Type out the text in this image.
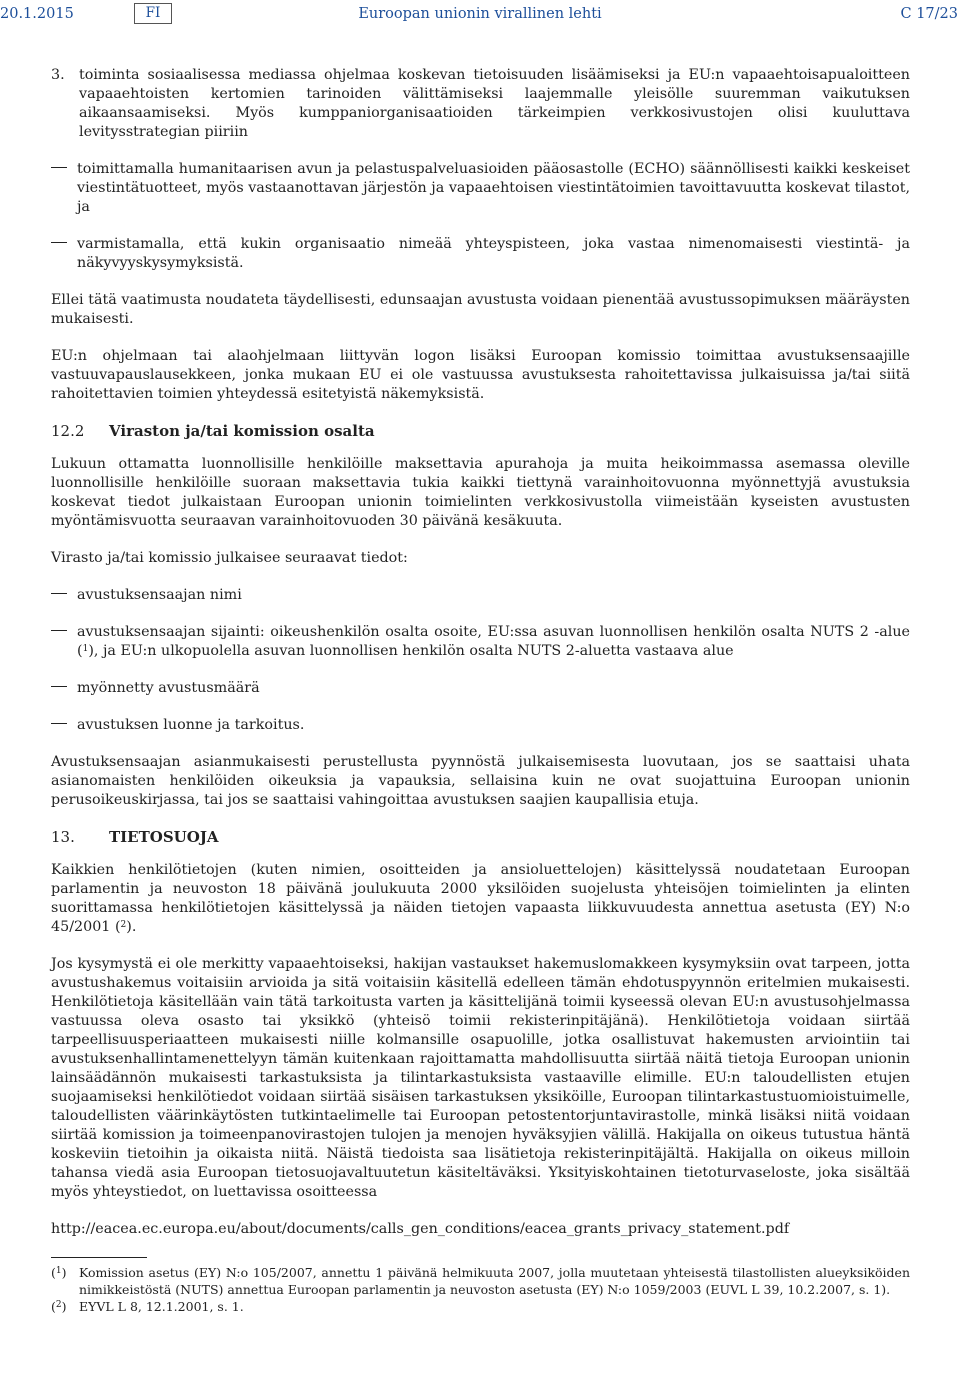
20.1.2015	FI	Euroopan unionin virallinen lehti	C 17/23
3.	toiminta sosiaalisessa mediassa ohjelmaa koskevan tietoisuuden lisäämiseksi ja EU:n vapaaehtoisapualoitteen vapaaehtoisten kertomien tarinoiden välittämiseksi laajemmalle yleisölle suuremman vaikutuksen aikaansaamiseksi. Myös kumppaniorganisaatioiden tärkeimpien verkkosivustojen olisi kuuluttava levitysstrategian piiriin
toimittamalla humanitaarisen avun ja pelastuspalveluasioiden pääosastolle (ECHO) säännöllisesti kaikki keskeiset viestintätuotteet, myös vastaanottavan järjestön ja vapaaehtoisen viestintätoimien tavoittavuutta koskevat tilastot, ja
varmistamalla, että kukin organisaatio nimeää yhteyspisteen, joka vastaa nimenomaisesti viestintä- ja näkyvyyskysymyksistä.

Ellei tätä vaatimusta noudateta täydellisesti, edunsaajan avustusta voidaan pienentää avustussopimuksen määräysten mukaisesti.

EU:n ohjelmaan tai alaohjelmaan liittyvän logon lisäksi Euroopan komissio toimittaa avustuksensaajille vastuuvapauslausekkeen, jonka mukaan EU ei ole vastuussa avustuksesta rahoitettavissa julkaisuissa ja/tai siitä rahoitettavien toimien yhteydessä esitetyistä näkemyksistä.

12.2	Viraston ja/tai komission osalta

Lukuun ottamatta luonnollisille henkilöille maksettavia apurahoja ja muita heikoimmassa asemassa oleville luonnollisille henkilöille suoraan maksettavia tukia kaikki tiettynä varainhoitovuonna myönnettyjä avustuksia koskevat tiedot julkaistaan Euroopan unionin toimielinten verkkosivustolla viimeistään kyseisten avustusten myöntämisvuotta seuraavan varainhoitovuoden 30 päivänä kesäkuuta.

Virasto ja/tai komissio julkaisee seuraavat tiedot:

avustuksensaajan nimi
avustuksensaajan sijainti: oikeushenkilön osalta osoite, EU:ssa asuvan luonnollisen henkilön osalta NUTS 2 -alue ($^1$), ja EU:n ulkopuolella asuvan luonnollisen henkilön osalta NUTS 2-aluetta vastaava alue
myönnetty avustusmäärä
avustuksen luonne ja tarkoitus.

Avustuksensaajan asianmukaisesti perustellusta pyynnöstä julkaisemisesta luovutaan, jos se saattaisi uhata asianomaisten henkilöiden oikeuksia ja vapauksia, sellaisina kuin ne ovat suojattuina Euroopan unionin perusoikeuskirjassa, tai jos se saattaisi vahingoittaa avustuksen saajien kaupallisia etuja.

13.	TIETOSUOJA

Kaikkien henkilötietojen (kuten nimien, osoitteiden ja ansioluettelojen) käsittelyssä noudatetaan Euroopan parlamentin ja neuvoston 18 päivänä joulukuuta 2000 yksilöiden suojelusta yhteisöjen toimielinten ja elinten suorittamassa henkilötietojen käsittelyssä ja näiden tietojen vapaasta liikkuvuudesta annettua asetusta (EY) N:o 45/2001 ($^2$).

Jos kysymystä ei ole merkitty vapaaehtoiseksi, hakijan vastaukset hakemuslomakkeen kysymyksiin ovat tarpeen, jotta avustushakemus voitaisiin arvioida ja sitä voitaisiin käsitellä edelleen tämän ehdotuspyynnön eritelmien mukaisesti. Henkilötietoja käsitellään vain tätä tarkoitusta varten ja käsittelijänä toimii kyseessä olevan EU:n avustusohjelmassa vastuussa oleva osasto tai yksikkö (yhteisö toimii rekisterinpitäjänä). Henkilötietoja voidaan siirtää tarpeellisuusperiaatteen mukaisesti niille kolmansille osapuolille, jotka osallistuvat hakemusten arviointiin tai avustuksenhallintamenettelyyn tämän kuitenkaan rajoittamatta mahdollisuutta siirtää näitä tietoja Euroopan unionin lainsäädännön mukaisesti tarkastuksista ja tilintarkastuksista vastaaville elimille. EU:n taloudellisten etujen suojaamiseksi henkilötiedot voidaan siirtää sisäisen tarkastuksen yksiköille, Euroopan tilintarkastustuomioistuimelle, taloudellisten väärinkäytösten tutkintaelimelle tai Euroopan petostentorjuntavirastolle, minkä lisäksi niitä voidaan siirtää komission ja toimeenpanovirastojen tulojen ja menojen hyväksyjien välillä. Hakijalla on oikeus tutustua häntä koskeviin tietoihin ja oikaista niitä. Näistä tiedoista saa lisätietoja rekisterinpitäjältä. Hakijalla on oikeus milloin tahansa viedä asia Euroopan tietosuojavaltuutetun käsiteltäväksi. Yksityiskohtainen tietoturvaseloste, joka sisältää myös yhteystiedot, on luettavissa osoitteessa

http://eacea.ec.europa.eu/about/documents/calls_gen_conditions/eacea_grants_privacy_statement.pdf

($^1$) Komission asetus (EY) N:o 105/2007, annettu 1 päivänä helmikuuta 2007, jolla muutetaan yhteisestä tilastollisten alueyksiköiden nimikkeistöstä (NUTS) annettua Euroopan parlamentin ja neuvoston asetusta (EY) N:o 1059/2003 (EUVL L 39, 10.2.2007, s. 1).
($^2$) EYVL L 8, 12.1.2001, s. 1.
